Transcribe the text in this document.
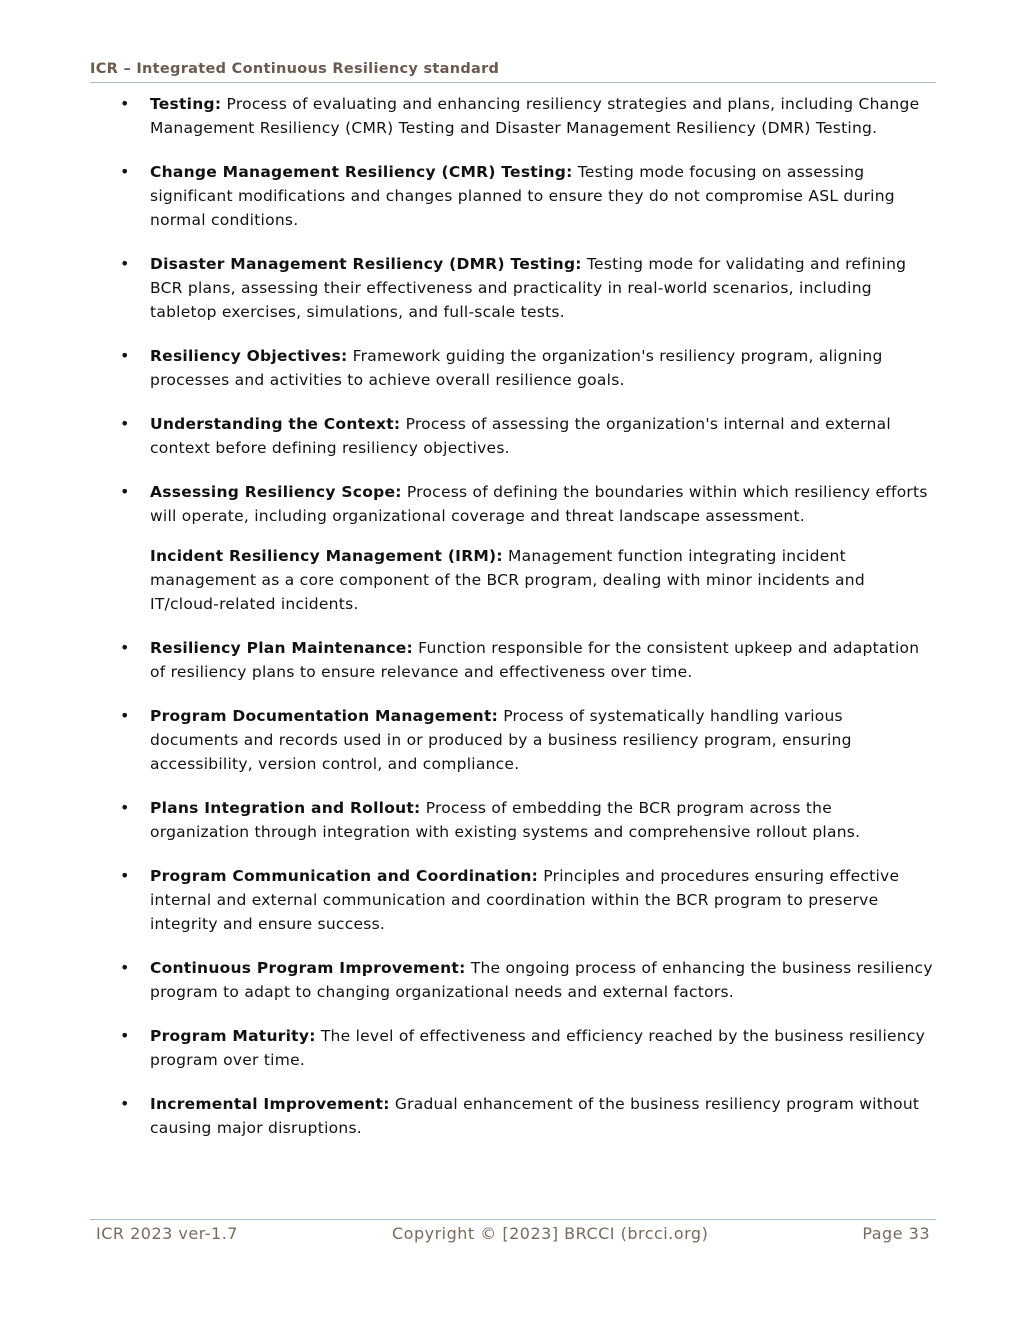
ICR – Integrated Continuous Resiliency standard
• Testing: Process of evaluating and enhancing resiliency strategies and plans, including Change Management Resiliency (CMR) Testing and Disaster Management Resiliency (DMR) Testing.
• Change Management Resiliency (CMR) Testing: Testing mode focusing on assessing significant modifications and changes planned to ensure they do not compromise ASL during normal conditions.
• Disaster Management Resiliency (DMR) Testing: Testing mode for validating and refining BCR plans, assessing their effectiveness and practicality in real-world scenarios, including tabletop exercises, simulations, and full-scale tests.
• Resiliency Objectives: Framework guiding the organization's resiliency program, aligning processes and activities to achieve overall resilience goals.
• Understanding the Context: Process of assessing the organization's internal and external context before defining resiliency objectives.
• Assessing Resiliency Scope: Process of defining the boundaries within which resiliency efforts will operate, including organizational coverage and threat landscape assessment.
Incident Resiliency Management (IRM): Management function integrating incident management as a core component of the BCR program, dealing with minor incidents and IT/cloud-related incidents.
• Resiliency Plan Maintenance: Function responsible for the consistent upkeep and adaptation of resiliency plans to ensure relevance and effectiveness over time.
• Program Documentation Management: Process of systematically handling various documents and records used in or produced by a business resiliency program, ensuring accessibility, version control, and compliance.
• Plans Integration and Rollout: Process of embedding the BCR program across the organization through integration with existing systems and comprehensive rollout plans.
• Program Communication and Coordination: Principles and procedures ensuring effective internal and external communication and coordination within the BCR program to preserve integrity and ensure success.
• Continuous Program Improvement: The ongoing process of enhancing the business resiliency program to adapt to changing organizational needs and external factors.
• Program Maturity: The level of effectiveness and efficiency reached by the business resiliency program over time.
• Incremental Improvement: Gradual enhancement of the business resiliency program without causing major disruptions.
ICR 2023 ver-1.7	Copyright © [2023] BRCCI (brcci.org)	Page 33
